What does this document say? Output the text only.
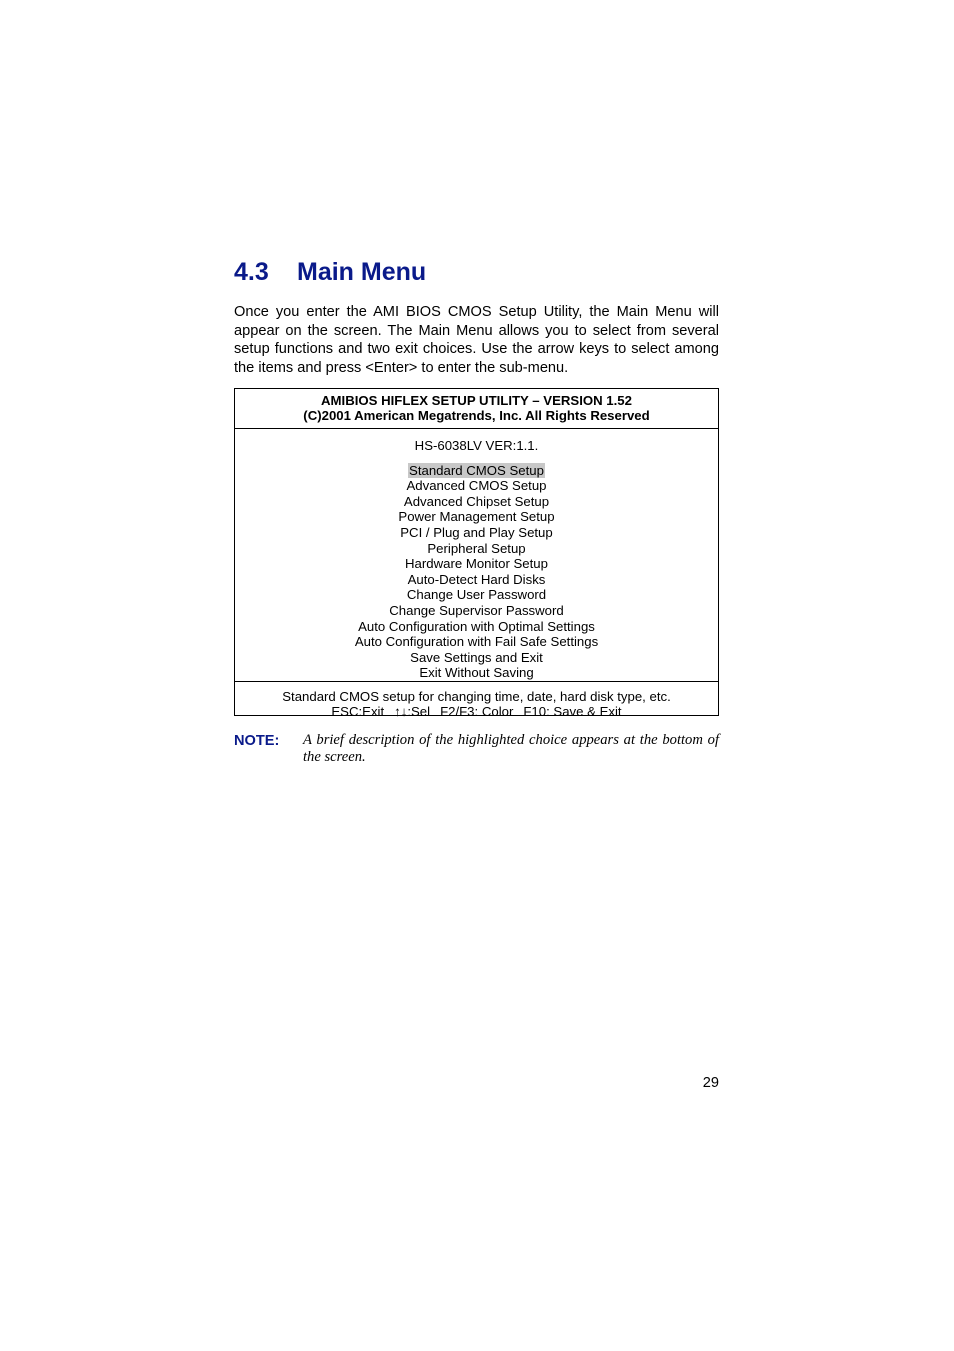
4.3 Main Menu

Once you enter the AMI BIOS CMOS Setup Utility, the Main Menu will appear on the screen. The Main Menu allows you to select from several setup functions and two exit choices. Use the arrow keys to select among the items and press <Enter> to enter the sub-menu.

AMIBIOS HIFLEX SETUP UTILITY – VERSION 1.52
(C)2001 American Megatrends, Inc. All Rights Reserved
HS-6038LV VER:1.1.
Standard CMOS Setup
Advanced CMOS Setup
Advanced Chipset Setup
Power Management Setup
PCI / Plug and Play Setup
Peripheral Setup
Hardware Monitor Setup
Auto-Detect Hard Disks
Change User Password
Change Supervisor Password
Auto Configuration with Optimal Settings
Auto Configuration with Fail Safe Settings
Save Settings and Exit
Exit Without Saving
Standard CMOS setup for changing time, date, hard disk type, etc.
ESC:Exit ↑↓:Sel F2/F3: Color F10: Save & Exit
NOTE: A brief description of the highlighted choice appears at the bottom of the screen.
29
